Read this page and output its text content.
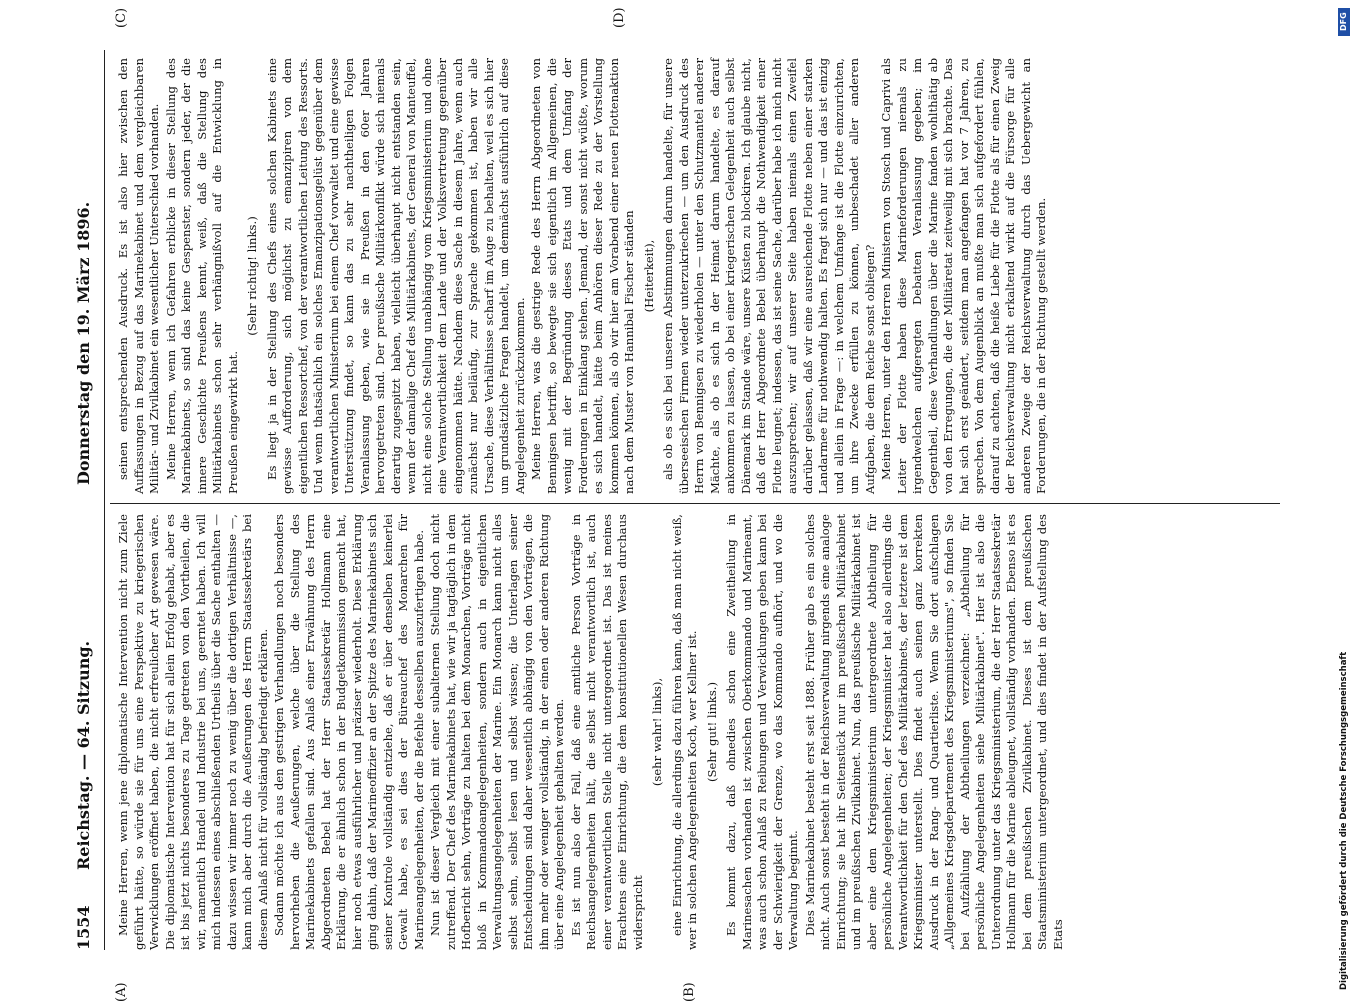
DFG
Digitalisierung gefördert durch die Deutsche Forschungsgemeinschaft
1554
Reichstag. — 64. Sitzung.
Donnerstag den 19. März 1896.
(A)	(B)
(C)	(D)

Meine Herren, wenn jene diplomatische Intervention nicht zum Ziele geführt hätte, so würde sie für uns eine Perspektive zu kriegerischen Verwicklungen eröffnet haben, die nicht erfreulicher Art gewesen wäre. Die diplomatische Intervention hat für sich allein Erfolg gehabt, aber es ist bis jetzt nichts besonderes zu Tage getreten von den Vortheilen, die wir, namentlich Handel und Industrie bei uns, geerntet haben. Ich will mich indessen eines abschließenden Urtheils über die Sache enthalten — dazu wissen wir immer noch zu wenig über die dortigen Verhältnisse —, kann mich aber durch die Aeußerungen des Herrn Staatssekretärs bei diesem Anlaß nicht für vollständig befriedigt erklären. Sodann möchte ich aus den gestrigen Verhandlungen noch besonders hervorheben die Aeußerungen, welche über die Stellung des Marinekabinets gefallen sind. Aus Anlaß einer Erwähnung des Herrn Abgeordneten Bebel hat der Herr Staatssekretär Hollmann eine Erklärung, die er ähnlich schon in der Budgetkommission gemacht hat, hier noch etwas ausführlicher und präziser wiederholt. Diese Erklärung ging dahin, daß der Marineoffizier an der Spitze des Marinekabinets sich seiner Kontrole vollständig entziehe, daß er über denselben keinerlei Gewalt habe, es sei dies der Büreauchef des Monarchen für Marineangelegenheiten, der die Befehle desselben auszufertigen habe. Nun ist dieser Vergleich mit einer subalternen Stellung doch nicht zutreffend. Der Chef des Marinekabinets hat, wie wir ja tagtäglich in dem Hofbericht sehn, Vorträge zu halten bei dem Monarchen, Vorträge nicht bloß in Kommandoangelegenheiten, sondern auch in eigentlichen Verwaltungsangelegenheiten der Marine. Ein Monarch kann nicht alles selbst sehn, selbst lesen und selbst wissen; die Unterlagen seiner Entscheidungen sind daher wesentlich abhängig von den Vorträgen, die ihm mehr oder weniger vollständig, in der einen oder anderen Richtung über eine Angelegenheit gehalten werden. Es ist nun also der Fall, daß eine amtliche Person Vorträge in Reichsangelegenheiten hält, die selbst nicht verantwortlich ist, auch einer verantwortlichen Stelle nicht untergeordnet ist. Das ist meines Erachtens eine Einrichtung, die dem konstitutionellen Wesen durchaus widerspricht

(sehr wahr! links), eine Einrichtung, die allerdings dazu führen kann, daß man nicht weiß, wer in solchen Angelegenheiten Koch, wer Kellner ist. (Sehr gut! links.) Es kommt dazu, daß ohnedies schon eine Zweitheilung in Marinesachen vorhanden ist zwischen Oberkommando und Marineamt, was auch schon Anlaß zu Reibungen und Verwicklungen geben kann bei der Schwierigkeit der Grenze, wo das Kommando aufhört, und wo die Verwaltung beginnt. Dies Marinekabinet besteht erst seit 1888. Früher gab es ein solches nicht. Auch sonst besteht in der Reichsverwaltung nirgends eine analoge Einrichtung; sie hat ihr Seitenstück nur im preußischen Militärkabinet und im preußischen Zivilkabinet. Nun, das preußische Militärkabinet ist aber eine dem Kriegsministerium untergeordnete Abtheilung für persönliche Angelegenheiten; der Kriegsminister hat also allerdings die Verantwortlichkeit für den Chef des Militärkabinets, der letztere ist dem Kriegsminister unterstellt. Dies findet auch seinen ganz korrekten Ausdruck in der Rang- und Quartierliste. Wenn Sie dort aufschlagen „Allgemeines Kriegsdepartement des Kriegsministeriums", so finden Sie bei Aufzählung der Abtheilungen verzeichnet: „Abtheilung für persönliche Angelegenheiten siehe Militärkabinet". Hier ist also die Unterordnung unter das Kriegsministerium, die der Herr Staatssekretär Hollmann für die Marine ableugnet, vollständig vorhanden. Ebenso ist es bei dem preußischen Zivilkabinet. Dieses ist dem preußischen Staatsministerium untergeordnet, und dies findet in der Aufstellung des Etats

seinen entsprechenden Ausdruck. Es ist also hier zwischen den Auffassungen in Bezug auf das Marinekabinet und dem vergleichbaren Militär- und Zivilkabinet ein wesentlicher Unterschied vorhanden. Meine Herren, wenn ich Gefahren erblicke in dieser Stellung des Marinekabinets, so sind das keine Gespenster, sondern jeder, der die innere Geschichte Preußens kennt, weiß, daß die Stellung des Militärkabinets schon sehr verhängnißvoll auf die Entwicklung in Preußen eingewirkt hat.

(Sehr richtig! links.) Es liegt ja in der Stellung des Chefs eines solchen Kabinets eine gewisse Aufforderung, sich möglichst zu emanzipiren von dem eigentlichen Ressortchef, von der verantwortlichen Leitung des Ressorts. Und wenn thatsächlich ein solches Emanzipationsgelüst gegenüber dem verantwortlichen Ministerium bei einem Chef vorwaltet und eine gewisse Unterstützung findet, so kann das zu sehr nachtheiligen Folgen Veranlassung geben, wie sie in Preußen in den 60er Jahren hervorgetreten sind. Der preußische Militärkonflikt würde sich niemals derartig zugespitzt haben, vielleicht überhaupt nicht entstanden sein, wenn der damalige Chef des Militärkabinets, der General von Manteuffel, nicht eine solche Stellung unabhängig vom Kriegsministerium und ohne eine Verantwortlichkeit dem Lande und der Volksvertretung gegenüber eingenommen hätte. Nachdem diese Sache in diesem Jahre, wenn auch zunächst nur beiläufig, zur Sprache gekommen ist, haben wir alle Ursache, diese Verhältnisse scharf im Auge zu behalten, weil es sich hier um grundsätzliche Fragen handelt, um demnächst ausführlich auf diese Angelegenheit zurückzukommen. Meine Herren, was die gestrige Rede des Herrn Abgeordneten von Bennigsen betrifft, so bewegte sie sich eigentlich im Allgemeinen, die wenig mit der Begründung dieses Etats und dem Umfang der Forderungen in Einklang stehen. Jemand, der sonst nicht wüßte, worum es sich handelt, hätte beim Anhören dieser Rede zu der Vorstellung kommen können, als ob wir hier am Vorabend einer neuen Flottenaktion nach dem Muster von Hannibal Fischer ständen (Heiterkeit), als ob es sich bei unseren Abstimmungen darum handelte, für unsere überseeischen Firmen wieder unterzukriechen — um den Ausdruck des Herrn von Bennigsen zu wiederholen — unter den Schutzmantel anderer Mächte, als ob es sich in der Heimat darum handelte, es darauf ankommen zu lassen, ob bei einer kriegerischen Gelegenheit auch selbst Dänemark im Stande wäre, unsere Küsten zu blockiren. Ich glaube nicht, daß der Herr Abgeordnete Bebel überhaupt die Nothwendigkeit einer Flotte leugnet; indessen, das ist seine Sache, darüber habe ich mich nicht auszusprechen; wir auf unserer Seite haben niemals einen Zweifel darüber gelassen, daß wir eine ausreichende Flotte neben einer starken Landarmee für nothwendig halten. Es fragt sich nur — und das ist einzig und allein in Frage —: in welchem Umfange ist die Flotte einzurichten, um ihre Zwecke erfüllen zu können, unbeschadet aller anderen Aufgaben, die dem Reiche sonst obliegen? Meine Herren, unter den Herren Ministern von Stosch und Caprivi als Leiter der Flotte haben diese Marineforderungen niemals zu irgendwelchen aufgeregten Debatten Veranlassung gegeben; im Gegentheil, diese Verhandlungen über die Marine fanden wohlthätig ab von den Erregungen, die der Militäretat zeitweilig mit sich brachte. Das hat sich erst geändert, seitdem man angefangen hat vor 7 Jahren, zu sprechen. Von dem Augenblick an mußte man sich aufgefordert fühlen, darauf zu achten, daß die heiße Liebe für die Flotte als für einen Zweig der Reichsverwaltung nicht erkaltend wirkt auf die Fürsorge für alle anderen Zweige der Reichsverwaltung durch das Uebergewicht an Forderungen, die in der Richtung gestellt werden.
